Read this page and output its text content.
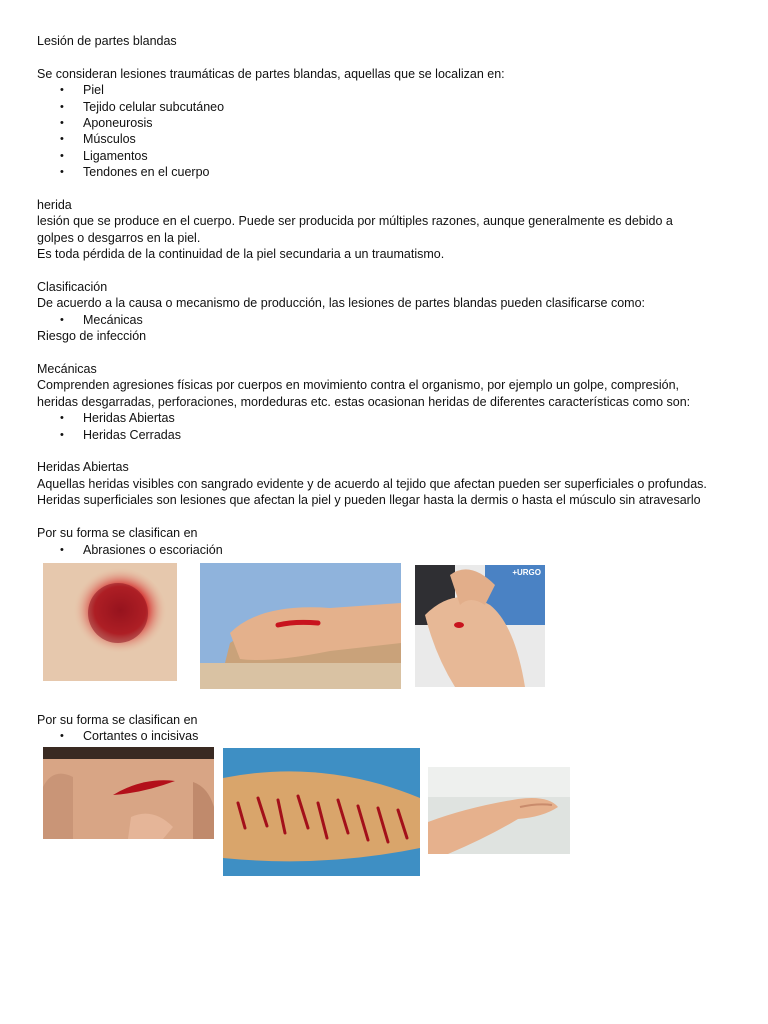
Lesión de partes blandas

Se consideran lesiones traumáticas de partes blandas, aquellas que se localizan en:

• Piel
• Tejido celular subcutáneo
• Aponeurosis
• Músculos
• Ligamentos
• Tendones en el cuerpo

herida

lesión que se produce en el cuerpo. Puede ser producida por múltiples razones, aunque generalmente es debido a

golpes o desgarros en la piel.

Es toda pérdida de la continuidad de la piel secundaria a un traumatismo.

Clasificación

De acuerdo a la causa o mecanismo de producción, las lesiones de partes blandas pueden clasificarse como:

• Mecánicas

Riesgo de infección

Mecánicas

Comprenden agresiones físicas por cuerpos en movimiento contra el organismo, por ejemplo un golpe, compresión,

heridas desgarradas, perforaciones, mordeduras etc. estas ocasionan heridas de diferentes características como son:

• Heridas Abiertas
• Heridas Cerradas

Heridas Abiertas

Aquellas heridas visibles con sangrado evidente y de acuerdo al tejido que afectan pueden ser superficiales o profundas.

Heridas superficiales son lesiones que afectan la piel y pueden llegar hasta la dermis o hasta el músculo sin atravesarlo

Por su forma se clasifican en

• Abrasiones o escoriación
+URGO

Por su forma se clasifican en

• Cortantes o incisivas
